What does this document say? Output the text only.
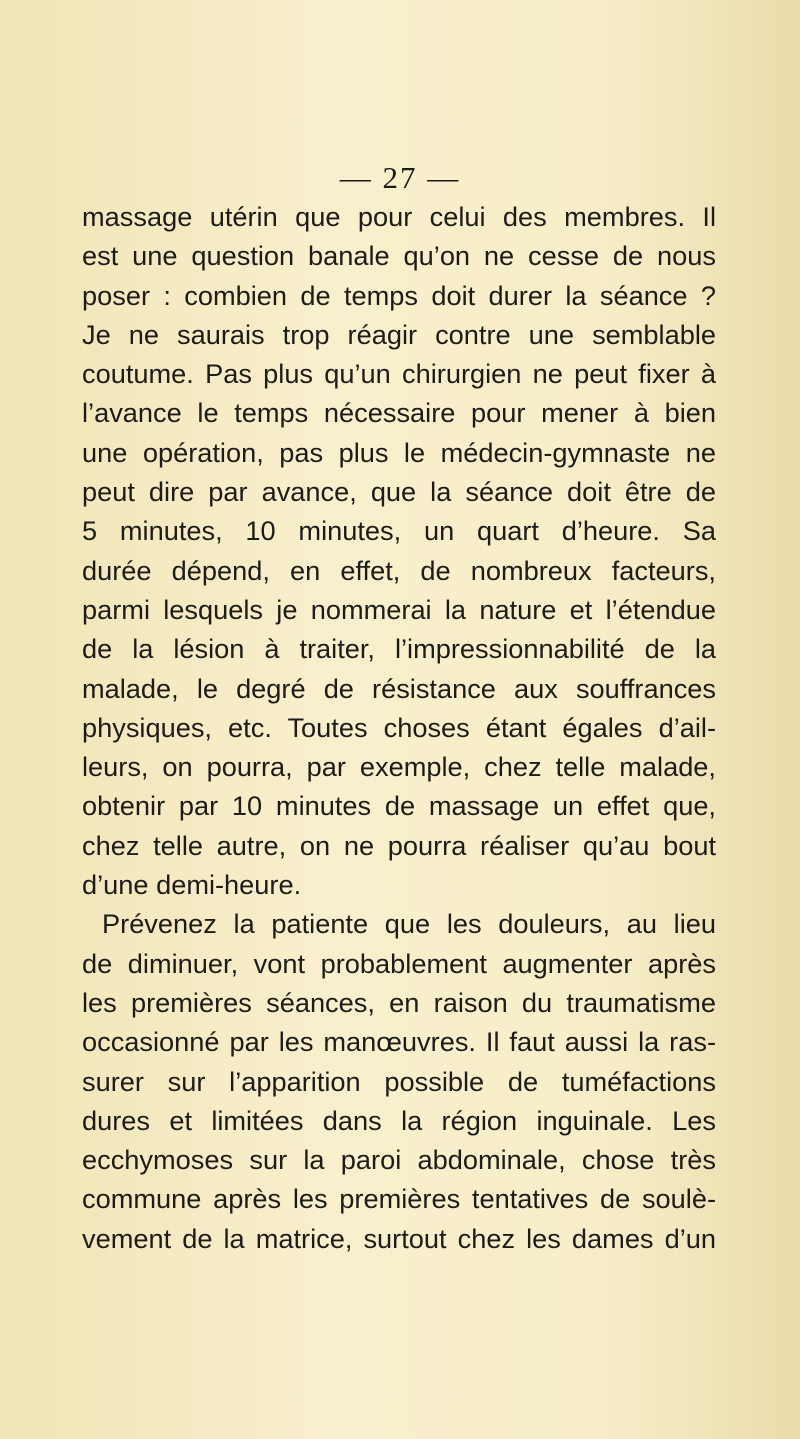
— 27 —
massage utérin que pour celui des membres. Il
est une question banale qu’on ne cesse de nous
poser : combien de temps doit durer la séance ?
Je ne saurais trop réagir contre une semblable
coutume. Pas plus qu’un chirurgien ne peut fixer à
l’avance le temps nécessaire pour mener à bien
une opération, pas plus le médecin-gymnaste ne
peut dire par avance, que la séance doit être de
5 minutes, 10 minutes, un quart d’heure. Sa
durée dépend, en effet, de nombreux facteurs,
parmi lesquels je nommerai la nature et l’étendue
de la lésion à traiter, l’impressionnabilité de la
malade, le degré de résistance aux souffrances
physiques, etc. Toutes choses étant égales d’ail-
leurs, on pourra, par exemple, chez telle malade,
obtenir par 10 minutes de massage un effet que,
chez telle autre, on ne pourra réaliser qu’au bout
d’une demi-heure.
Prévenez la patiente que les douleurs, au lieu
de diminuer, vont probablement augmenter après
les premières séances, en raison du traumatisme
occasionné par les manœuvres. Il faut aussi la ras-
surer sur l’apparition possible de tuméfactions
dures et limitées dans la région inguinale. Les
ecchymoses sur la paroi abdominale, chose très
commune après les premières tentatives de soulè-
vement de la matrice, surtout chez les dames d’un
